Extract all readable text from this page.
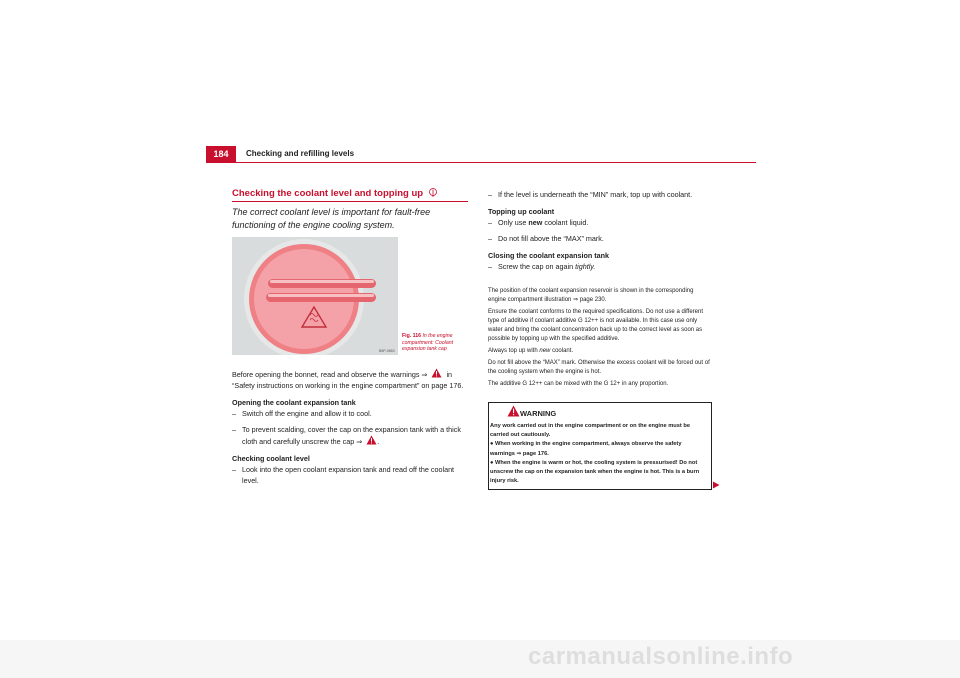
184	Checking and refilling levels
Checking the coolant level and topping up
The correct coolant level is important for fault-free functioning of the engine cooling system.
B5P-0653
Fig. 116 In the engine compartment: Coolant expansion tank cap
Before opening the bonnet, read and observe the warnings ⇒	in “Safety instructions on working in the engine compartment” on page 176.
Opening the coolant expansion tank
– Switch off the engine and allow it to cool.
– To prevent scalding, cover the cap on the expansion tank with a thick cloth and carefully unscrew the cap ⇒ .
Checking coolant level
– Look into the open coolant expansion tank and read off the coolant level.
– If the level is underneath the “MIN” mark, top up with coolant.
Topping up coolant
– Only use new coolant liquid.
– Do not fill above the “MAX” mark.
Closing the coolant expansion tank
– Screw the cap on again tightly.
The position of the coolant expansion reservoir is shown in the corresponding engine compartment illustration ⇒ page 230.
Ensure the coolant conforms to the required specifications. Do not use a different type of additive if coolant additive G 12++ is not available. In this case use only water and bring the coolant concentration back up to the correct level as soon as possible by topping up with the specified additive.
Always top up with new coolant.
Do not fill above the “MAX” mark. Otherwise the excess coolant will be forced out of the cooling system when the engine is hot.
The additive G 12++ can be mixed with the G 12+ in any proportion.
WARNING
Any work carried out in the engine compartment or on the engine must be carried out cautiously.
● When working in the engine compartment, always observe the safety warnings ⇒ page 176.
● When the engine is warm or hot, the cooling system is pressurised! Do not unscrew the cap on the expansion tank when the engine is hot. This is a burn injury risk.
carmanualsonline.info
